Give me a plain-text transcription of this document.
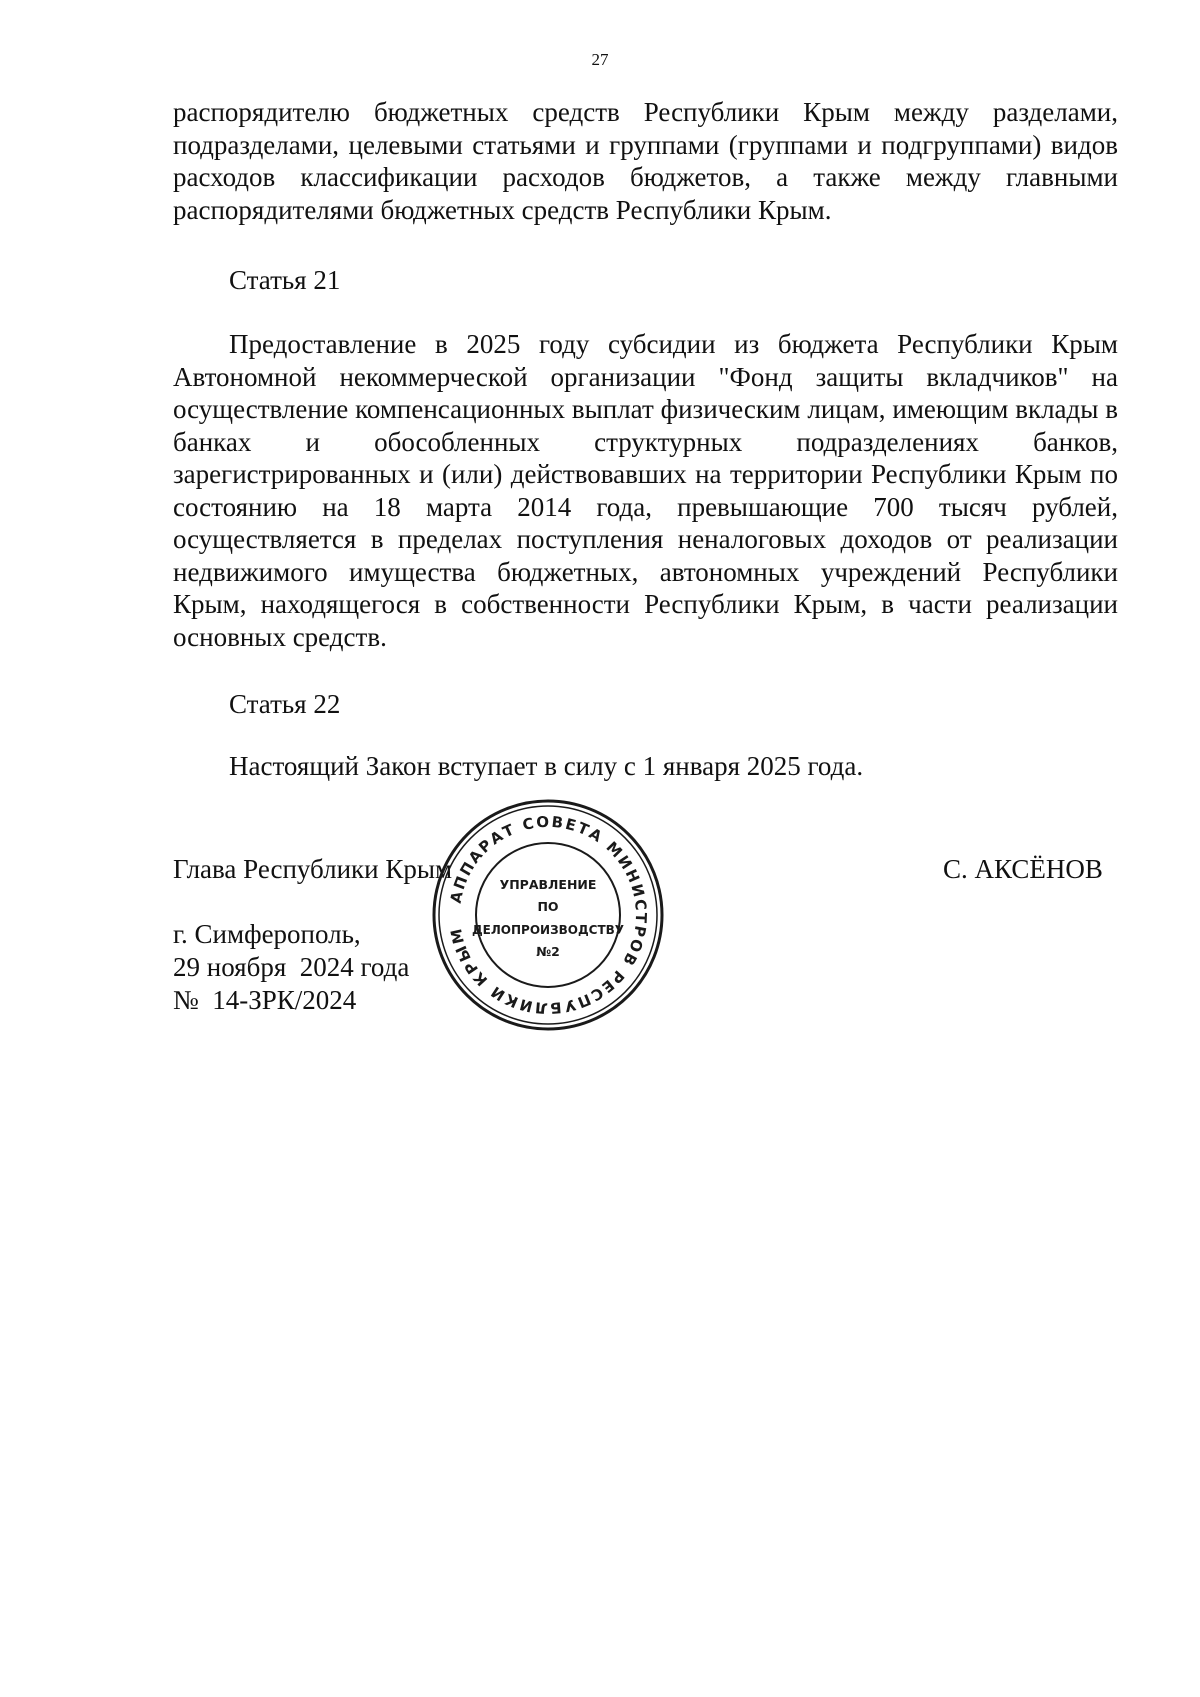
27

распорядителю бюджетных средств Республики Крым между разделами, подразделами, целевыми статьями и группами (группами и подгруппами) видов расходов классификации расходов бюджетов, а также между главными распорядителями бюджетных средств Республики Крым.

Статья 21

Предоставление в 2025 году субсидии из бюджета Республики Крым Автономной некоммерческой организации "Фонд защиты вкладчиков" на осуществление компенсационных выплат физическим лицам, имеющим вклады в банках и обособленных структурных подразделениях банков, зарегистрированных и (или) действовавших на территории Республики Крым по состоянию на 18 марта 2014 года, превышающие 700 тысяч рублей, осуществляется в пределах поступления неналоговых доходов от реализации недвижимого имущества бюджетных, автономных учреждений Республики Крым, находящегося в собственности Республики Крым, в части реализации основных средств.

Статья 22

Настоящий Закон вступает в силу с 1 января 2025 года.

Глава Республики Крым	С. АКСЁНОВ
г. Симферополь,
29 ноября  2024 года
№  14-ЗРК/2024
АППАРАТ СОВЕТА МИНИСТРОВ РЕСПУБЛИКИ КРЫМ
УПРАВЛЕНИЕ
ПО
ДЕЛОПРОИЗВОДСТВУ
№2
